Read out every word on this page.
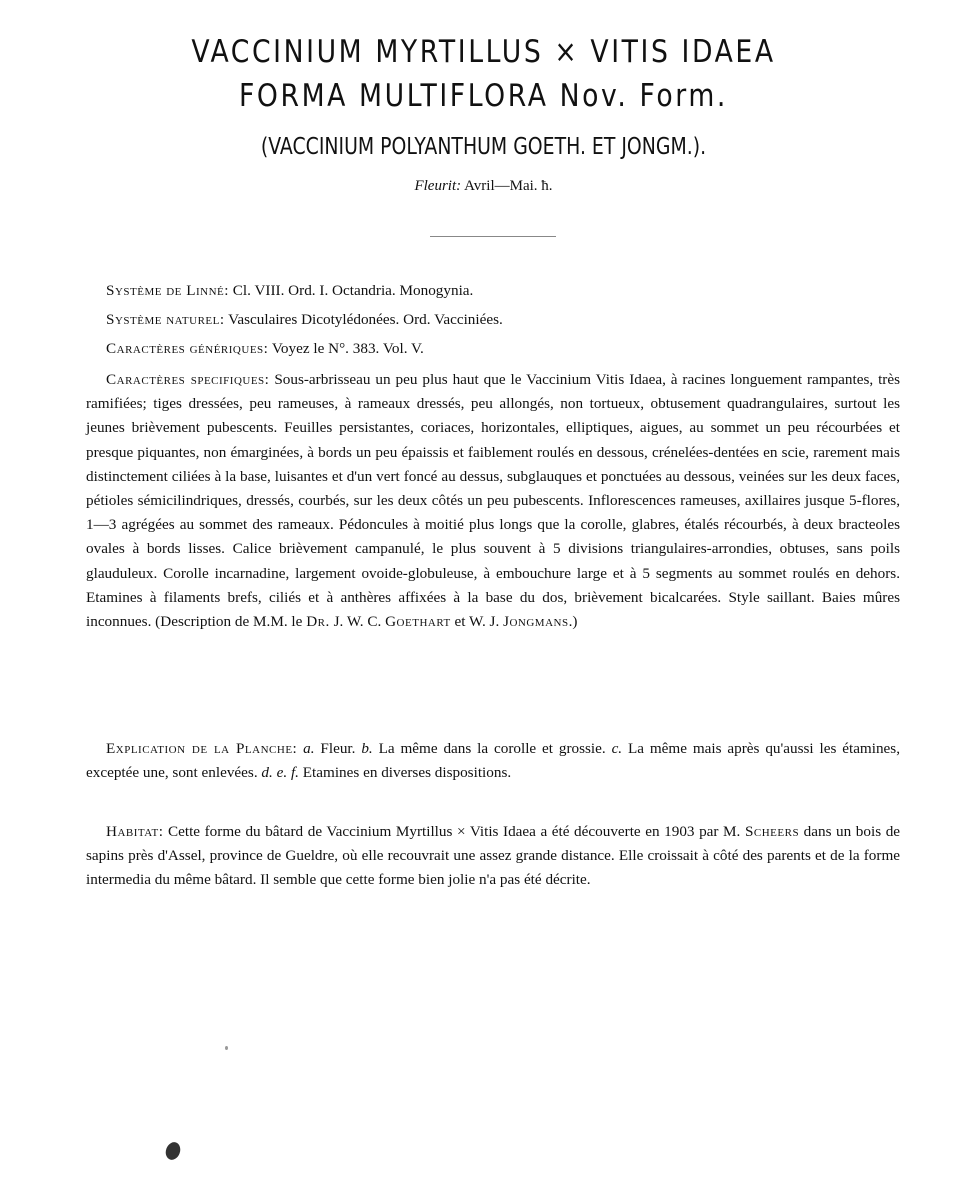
VACCINIUM MYRTILLUS × VITIS IDAEA
FORMA MULTIFLORA Nov. Form.
(VACCINIUM POLYANTHUM GOETH. ET JONGM.).
Fleurit: Avril—Mai. ħ.
Système de Linné: Cl. VIII. Ord. I. Octandria. Monogynia.
Système naturel: Vasculaires Dicotylédonées. Ord. Vacciniées.
Caractères génériques: Voyez le N°. 383. Vol. V.
Caractères specifiques: Sous-arbrisseau un peu plus haut que le Vaccinium Vitis Idaea, à racines longuement rampantes, très ramifiées; tiges dressées, peu rameuses, à rameaux dressés, peu allongés, non tortueux, obtusement quadrangulaires, surtout les jeunes brièvement pubescents. Feuilles persistantes, coriaces, horizontales, elliptiques, aigues, au sommet un peu récourbées et presque piquantes, non émarginées, à bords un peu épaissis et faiblement roulés en dessous, crénelées-dentées en scie, rarement mais distinctement ciliées à la base, luisantes et d'un vert foncé au dessus, subglauques et ponctuées au dessous, veinées sur les deux faces, pétioles sémicilindriques, dressés, courbés, sur les deux côtés un peu pubescents. Inflorescences rameuses, axillaires jusque 5-flores, 1—3 agrégées au sommet des rameaux. Pédoncules à moitié plus longs que la corolle, glabres, étalés récourbés, à deux bracteoles ovales à bords lisses. Calice brièvement campanulé, le plus souvent à 5 divisions triangulaires-arrondies, obtuses, sans poils glauduleux. Corolle incarnadine, largement ovoide-globuleuse, à embouchure large et à 5 segments au sommet roulés en dehors. Etamines à filaments brefs, ciliés et à anthères affixées à la base du dos, brièvement bicalcarées. Style saillant. Baies mûres inconnues. (Description de M.M. le Dr. J. W. C. Goethart et W. J. Jongmans.)
Explication de la Planche: a. Fleur. b. La même dans la corolle et grossie. c. La même mais après qu'aussi les étamines, exceptée une, sont enlevées. d. e. f. Etamines en diverses dispositions.
Habitat: Cette forme du bâtard de Vaccinium Myrtillus × Vitis Idaea a été découverte en 1903 par M. Scheers dans un bois de sapins près d'Assel, province de Gueldre, où elle recouvrait une assez grande distance. Elle croissait à côté des parents et de la forme intermedia du même bâtard. Il semble que cette forme bien jolie n'a pas été décrite.
